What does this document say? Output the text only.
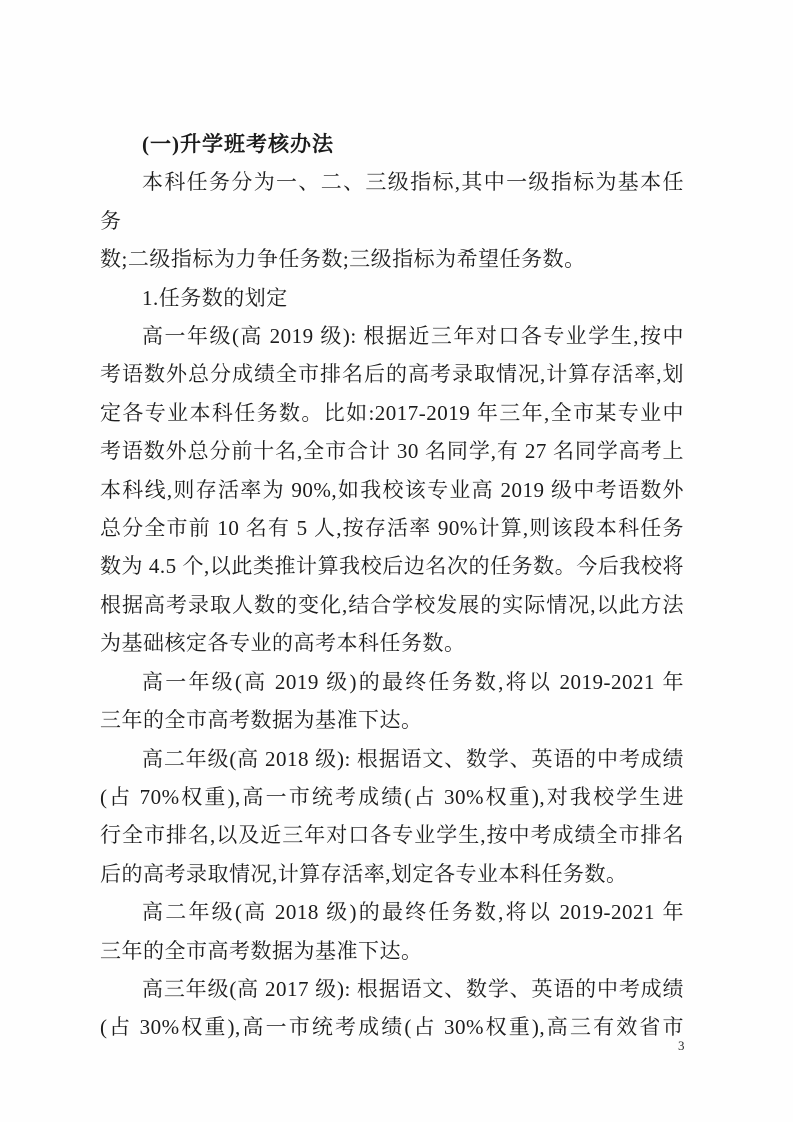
(一)升学班考核办法
本科任务分为一、二、三级指标,其中一级指标为基本任务
数;二级指标为力争任务数;三级指标为希望任务数。
1.任务数的划定
高一年级(高 2019 级): 根据近三年对口各专业学生,按中
考语数外总分成绩全市排名后的高考录取情况,计算存活率,划
定各专业本科任务数。比如:2017-2019 年三年,全市某专业中
考语数外总分前十名,全市合计 30 名同学,有 27 名同学高考上
本科线,则存活率为 90%,如我校该专业高 2019 级中考语数外
总分全市前 10 名有 5 人,按存活率 90%计算,则该段本科任务
数为 4.5 个,以此类推计算我校后边名次的任务数。今后我校将
根据高考录取人数的变化,结合学校发展的实际情况,以此方法
为基础核定各专业的高考本科任务数。
高一年级(高 2019 级)的最终任务数,将以 2019-2021 年
三年的全市高考数据为基准下达。
高二年级(高 2018 级): 根据语文、数学、英语的中考成绩
(占 70%权重),高一市统考成绩(占 30%权重),对我校学生进
行全市排名,以及近三年对口各专业学生,按中考成绩全市排名
后的高考录取情况,计算存活率,划定各专业本科任务数。
高二年级(高 2018 级)的最终任务数,将以 2019-2021 年
三年的全市高考数据为基准下达。
高三年级(高 2017 级): 根据语文、数学、英语的中考成绩
(占 30%权重),高一市统考成绩(占 30%权重),高三有效省市
3
